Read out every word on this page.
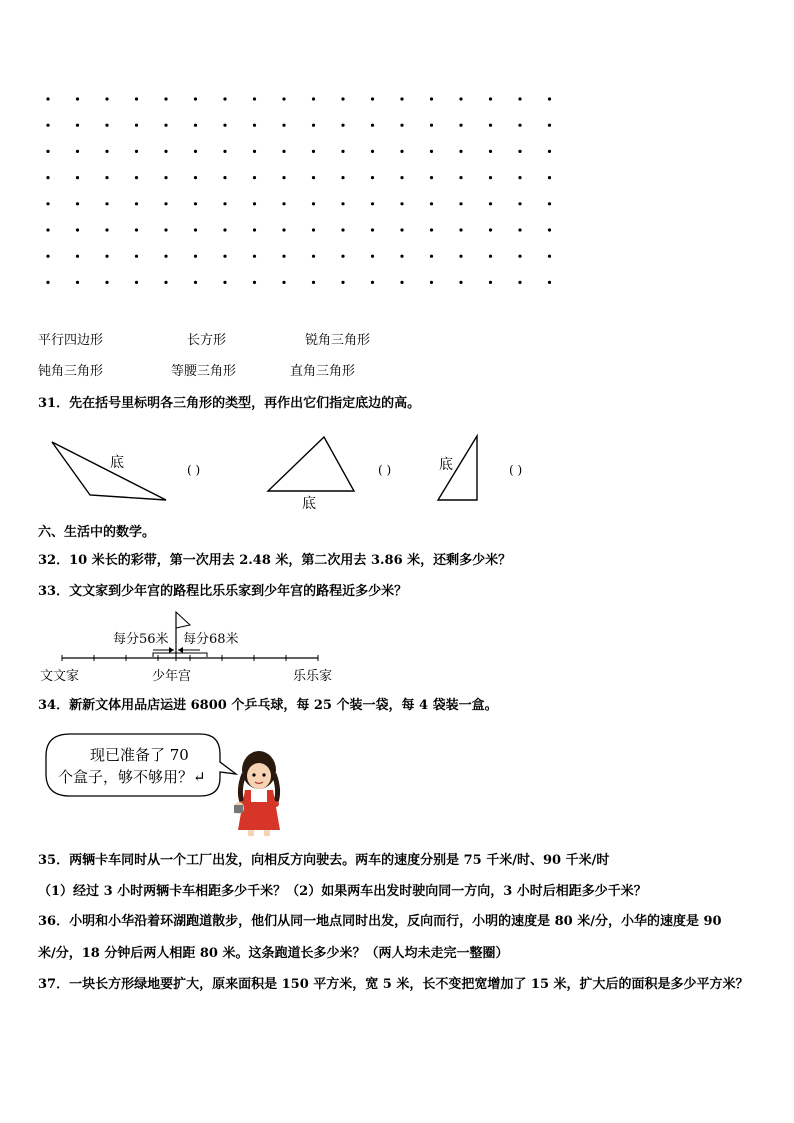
平行四边形	长方形	锐角三角形
钝角三角形	等腰三角形	直角三角形
31．先在括号里标明各三角形的类型，再作出它们指定底边的高。
底	( )
底
( )	底	( )
六、生活中的数学。
32．10 米长的彩带，第一次用去 2.48 米，第二次用去 3.86 米，还剩多少米？
33．文文家到少年宫的路程比乐乐家到少年宫的路程近多少米？
每分56米 每分68米
文文家	少年宫	乐乐家
34．新新文体用品店运进 6800 个乒乓球，每 25 个装一袋，每 4 袋装一盒。
现已准备了 70
个盒子，够不够用？↵
35．两辆卡车同时从一个工厂出发，向相反方向驶去。两车的速度分别是 75 千米/时、90 千米/时
（1）经过 3 小时两辆卡车相距多少千米？（2）如果两车出发时驶向同一方向，3 小时后相距多少千米？
36．小明和小华沿着环湖跑道散步，他们从同一地点同时出发，反向而行，小明的速度是 80 米/分，小华的速度是 90
米/分，18 分钟后两人相距 80 米。这条跑道长多少米？（两人均未走完一整圈）
37．一块长方形绿地要扩大，原来面积是 150 平方米，宽 5 米，长不变把宽增加了 15 米，扩大后的面积是多少平方米？
